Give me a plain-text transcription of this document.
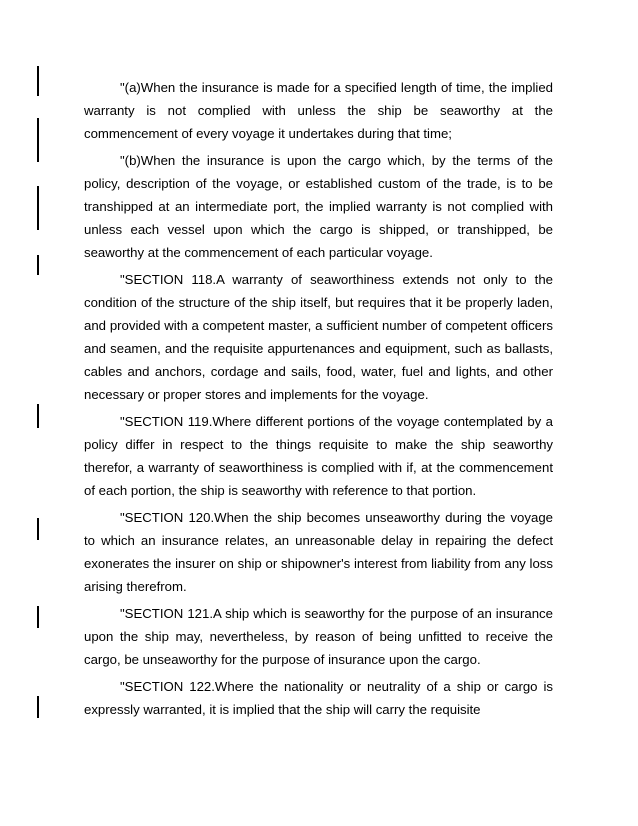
"(a)When the insurance is made for a specified length of time, the implied warranty is not complied with unless the ship be seaworthy at the commencement of every voyage it undertakes during that time;

"(b)When the insurance is upon the cargo which, by the terms of the policy, description of the voyage, or established custom of the trade, is to be transhipped at an intermediate port, the implied warranty is not complied with unless each vessel upon which the cargo is shipped, or transhipped, be seaworthy at the commencement of each particular voyage.

"SECTION 118.A warranty of seaworthiness extends not only to the condition of the structure of the ship itself, but requires that it be properly laden, and provided with a competent master, a sufficient number of competent officers and seamen, and the requisite appurtenances and equipment, such as ballasts, cables and anchors, cordage and sails, food, water, fuel and lights, and other necessary or proper stores and implements for the voyage.

"SECTION 119.Where different portions of the voyage contemplated by a policy differ in respect to the things requisite to make the ship seaworthy therefor, a warranty of seaworthiness is complied with if, at the commencement of each portion, the ship is seaworthy with reference to that portion.

"SECTION 120.When the ship becomes unseaworthy during the voyage to which an insurance relates, an unreasonable delay in repairing the defect exonerates the insurer on ship or shipowner's interest from liability from any loss arising therefrom.

"SECTION 121.A ship which is seaworthy for the purpose of an insurance upon the ship may, nevertheless, by reason of being unfitted to receive the cargo, be unseaworthy for the purpose of insurance upon the cargo.

"SECTION 122.Where the nationality or neutrality of a ship or cargo is expressly warranted, it is implied that the ship will carry the requisite
